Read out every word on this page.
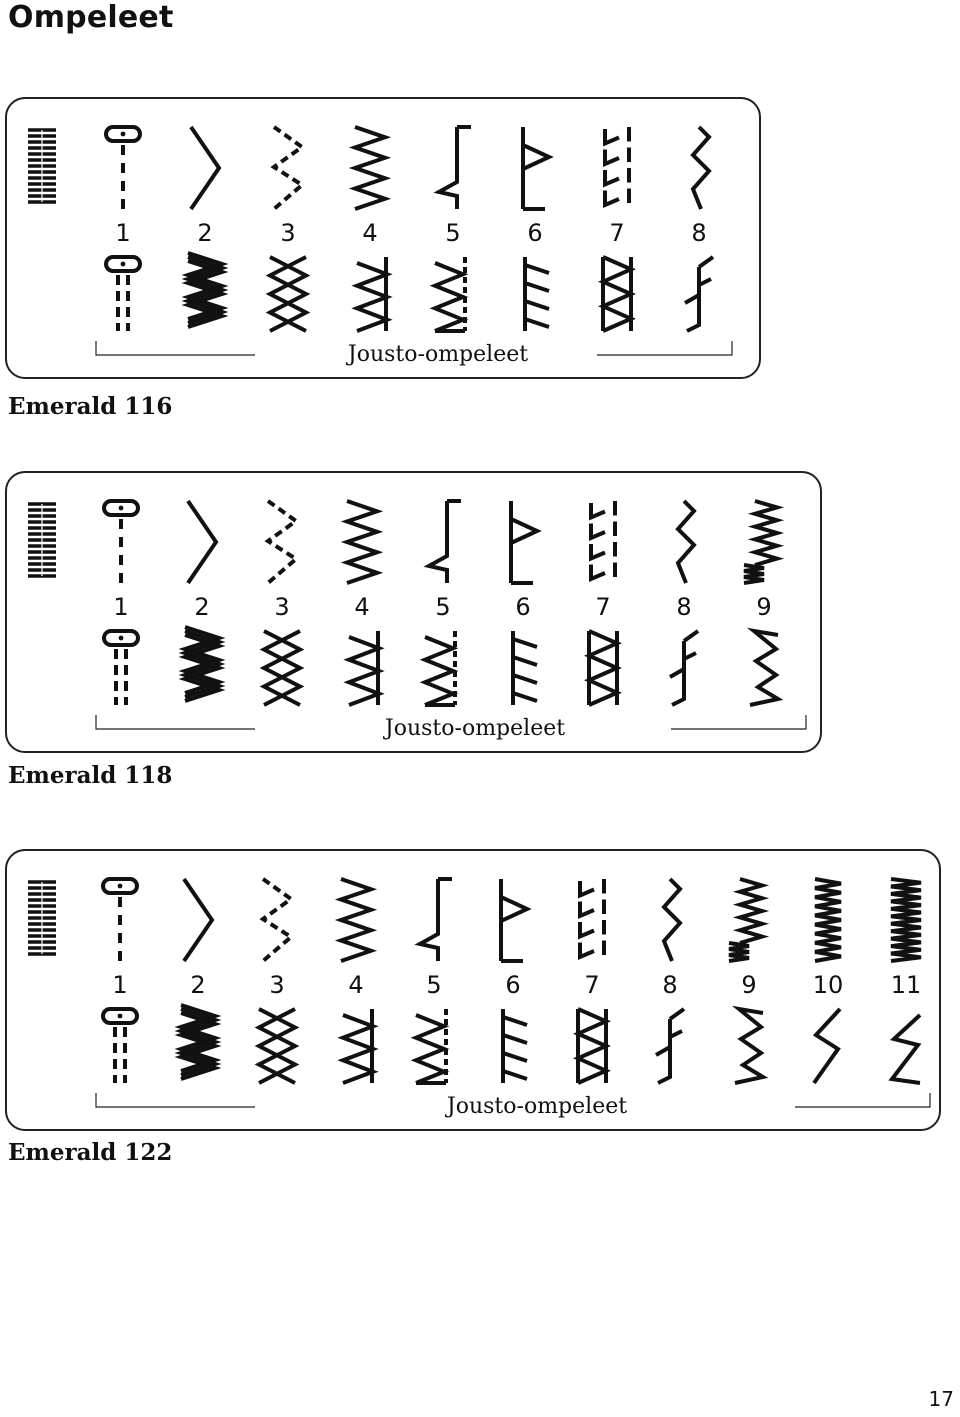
Ompeleet
Emerald 116
Emerald 118
Emerald 122
1	2	3	4	5	6	7	8
Jousto-ompeleet
1	2	3	4	5	6	7	8	9
Jousto-ompeleet
1	2	3	4	5	6	7	8	9 10 11
Jousto-ompeleet
17
